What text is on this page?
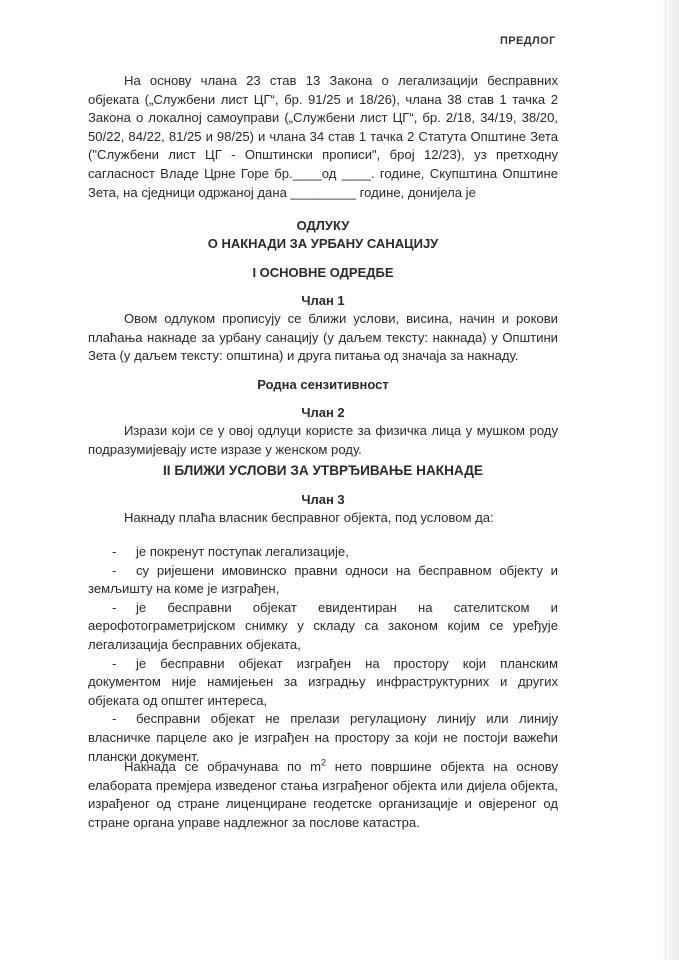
ПРЕДЛОГ
На основу члана 23 став 13 Закона о легализацији бесправних објеката („Службени лист ЦГ“, бр. 91/25 и 18/26), члана 38 став 1 тачка 2 Закона о локалној самоуправи („Службени лист ЦГ“, бр. 2/18, 34/19, 38/20, 50/22, 84/22, 81/25 и 98/25) и члана 34 став 1 тачка 2 Статута Општине Зета ("Службени лист ЦГ - Општински прописи", број 12/23), уз претходну сагласност Владе Црне Горе бр.____од ____. године, Скупштина Општине Зета, на сједници одржаној дана _________ године, донијела је
ОДЛУКУ
О НАКНАДИ ЗА УРБАНУ САНАЦИЈУ
I ОСНОВНЕ ОДРЕДБЕ
Члан 1
Овом одлуком прописују се ближи услови, висина, начин и рокови плаћања накнаде за урбану санацију (у даљем тексту: накнада) у Општини Зета (у даљем тексту: општина) и друга питања од значаја за накнаду.
Родна сензитивност
Члан 2
Изрази који се у овој одлуци користе за физичка лица у мушком роду подразумијевају исте изразе у женском роду.
II БЛИЖИ УСЛОВИ ЗА УТВРЂИВАЊЕ НАКНАДЕ
Члан 3
Накнаду плаћа власник бесправног објекта, под условом да:
- је покренут поступак легализације,
- су ријешени имовинско правни односи на бесправном објекту и земљишту на коме је изграђен,
- је бесправни објекат евидентиран на сателитском и аерофотограметријском снимку у складу са законом којим се уређује легализација бесправних објеката,
- је бесправни објекат изграђен на простору који планским документом није намијењен за изградњу инфраструктурних и других објеката од општег интереса,
- бесправни објекат не прелази регулациону линију или линију власничке парцеле ако је изграђен на простору за који не постоји важећи плански документ.
Накнада се обрачунава по $m^2$ нето површине објекта на основу елабората премјера изведеног стања изграђеног објекта или дијела објекта, израђеног од стране лиценциране геодетске организације и овјереног од стране органа управе надлежног за послове катастра.
